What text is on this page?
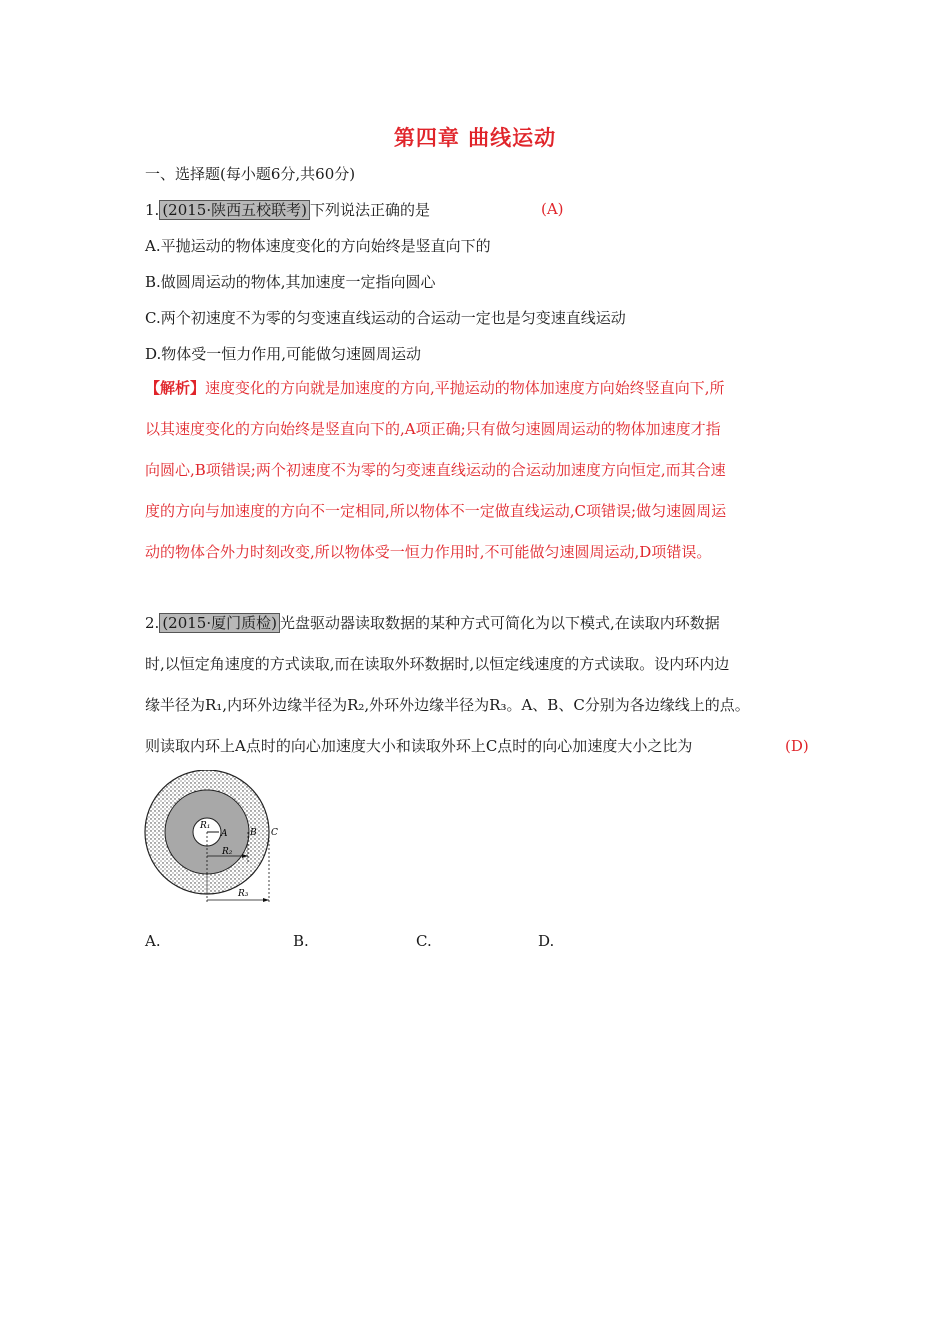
第四章 曲线运动
一、选择题(每小题6分,共60分)
1. (2015·陕西五校联考) 下列说法正确的是	(A)
A.平抛运动的物体速度变化的方向始终是竖直向下的
B.做圆周运动的物体,其加速度一定指向圆心
C.两个初速度不为零的匀变速直线运动的合运动一定也是匀变速直线运动
D.物体受一恒力作用,可能做匀速圆周运动
【解析】速度变化的方向就是加速度的方向,平抛运动的物体加速度方向始终竖直向下,所
以其速度变化的方向始终是竖直向下的,A项正确;只有做匀速圆周运动的物体加速度才指
向圆心,B项错误;两个初速度不为零的匀变速直线运动的合运动加速度方向恒定,而其合速
度的方向与加速度的方向不一定相同,所以物体不一定做直线运动,C项错误;做匀速圆周运
动的物体合外力时刻改变,所以物体受一恒力作用时,不可能做匀速圆周运动,D项错误。
2. (2015·厦门质检) 光盘驱动器读取数据的某种方式可简化为以下模式,在读取内环数据
时,以恒定角速度的方式读取,而在读取外环数据时,以恒定线速度的方式读取。设内环内边
缘半径为R₁,内环外边缘半径为R₂,外环外边缘半径为R₃。A、B、C分别为各边缘线上的点。
则读取内环上A点时的向心加速度大小和读取外环上C点时的向心加速度大小之比为	(D)
R₁
A
R₂
B C
R₃
A.	B.	C.	D.
